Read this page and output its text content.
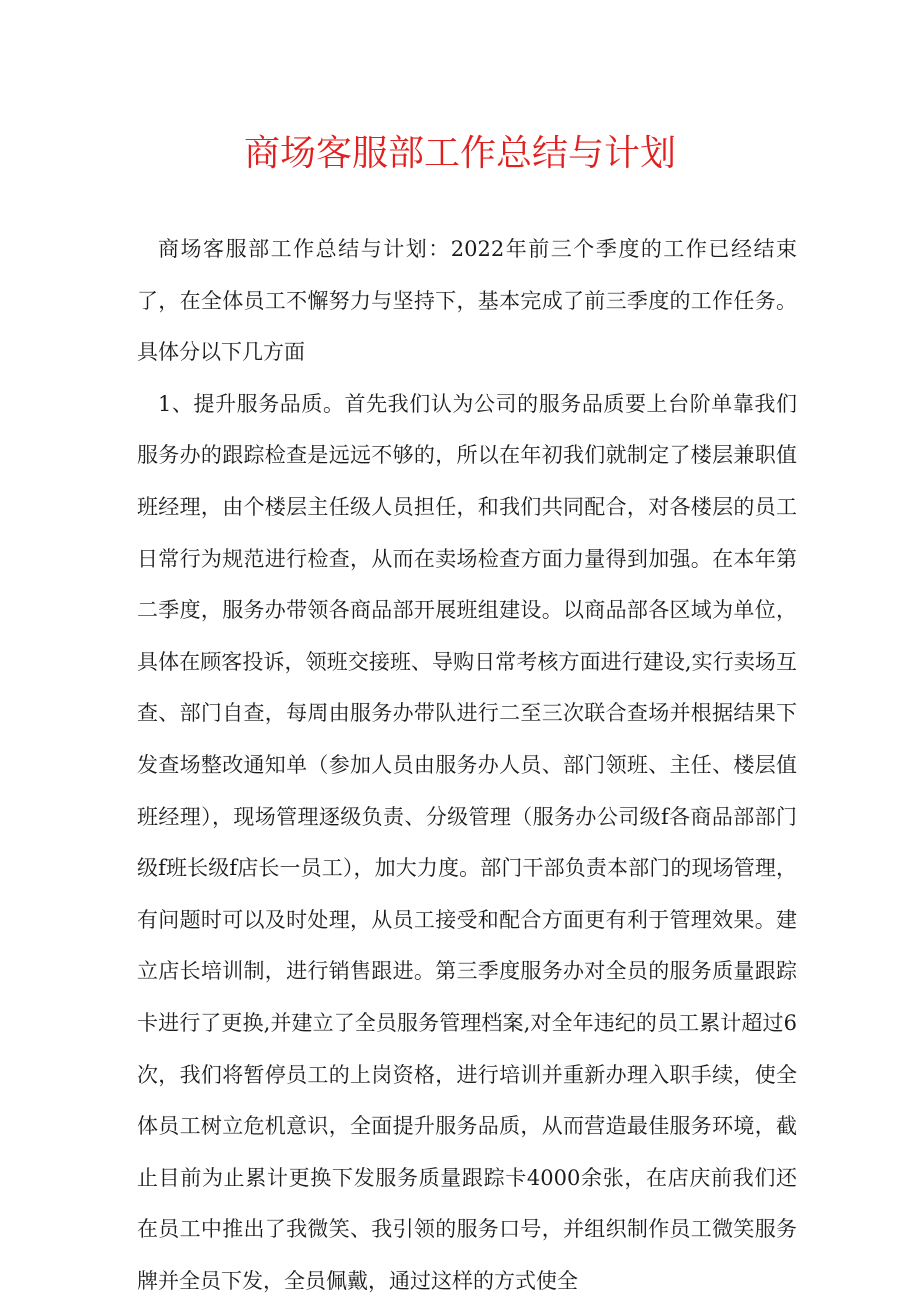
商场客服部工作总结与计划

商场客服部工作总结与计划：2022年前三个季度的工作已经结束了，在全体员工不懈努力与坚持下，基本完成了前三季度的工作任务。具体分以下几方面

1、提升服务品质。首先我们认为公司的服务品质要上台阶单靠我们服务办的跟踪检查是远远不够的，所以在年初我们就制定了楼层兼职值班经理，由个楼层主任级人员担任，和我们共同配合，对各楼层的员工日常行为规范进行检查，从而在卖场检查方面力量得到加强。在本年第二季度，服务办带领各商品部开展班组建设。以商品部各区域为单位，具体在顾客投诉，领班交接班、导购日常考核方面进行建设,实行卖场互查、部门自查，每周由服务办带队进行二至三次联合查场并根据结果下发查场整改通知单（参加人员由服务办人员、部门领班、主任、楼层值班经理），现场管理逐级负责、分级管理（服务办公司级f各商品部部门级f班长级f店长一员工），加大力度。部门干部负责本部门的现场管理，有问题时可以及时处理，从员工接受和配合方面更有利于管理效果。建立店长培训制，进行销售跟进。第三季度服务办对全员的服务质量跟踪卡进行了更换,并建立了全员服务管理档案,对全年违纪的员工累计超过6次，我们将暂停员工的上岗资格，进行培训并重新办理入职手续，使全体员工树立危机意识，全面提升服务品质，从而营造最佳服务环境，截止目前为止累计更换下发服务质量跟踪卡4000余张，在店庆前我们还在员工中推出了我微笑、我引领的服务口号，并组织制作员工微笑服务牌并全员下发，全员佩戴，通过这样的方式使全
